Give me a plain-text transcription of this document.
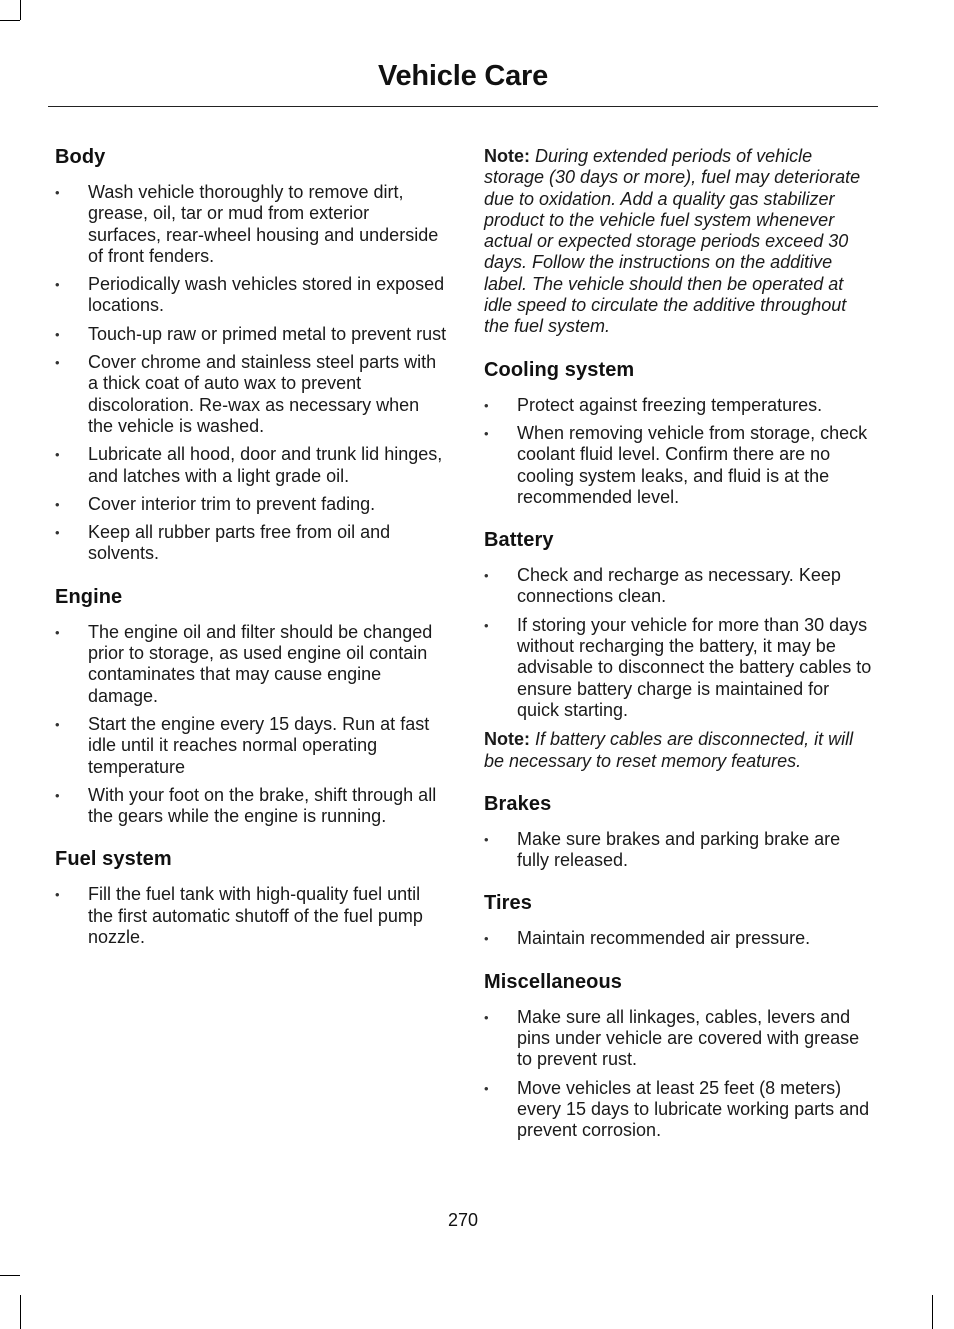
Vehicle Care
Body
• Wash vehicle thoroughly to remove dirt, grease, oil, tar or mud from exterior surfaces, rear-wheel housing and underside of front fenders.
• Periodically wash vehicles stored in exposed locations.
• Touch-up raw or primed metal to prevent rust
• Cover chrome and stainless steel parts with a thick coat of auto wax to prevent discoloration. Re-wax as necessary when the vehicle is washed.
• Lubricate all hood, door and trunk lid hinges, and latches with a light grade oil.
• Cover interior trim to prevent fading.
• Keep all rubber parts free from oil and solvents.
Engine
• The engine oil and filter should be changed prior to storage, as used engine oil contain contaminates that may cause engine damage.
• Start the engine every 15 days. Run at fast idle until it reaches normal operating temperature
• With your foot on the brake, shift through all the gears while the engine is running.
Fuel system
• Fill the fuel tank with high-quality fuel until the first automatic shutoff of the fuel pump nozzle.

Note: During extended periods of vehicle storage (30 days or more), fuel may deteriorate due to oxidation. Add a quality gas stabilizer product to the vehicle fuel system whenever actual or expected storage periods exceed 30 days. Follow the instructions on the additive label. The vehicle should then be operated at idle speed to circulate the additive throughout the fuel system.

Cooling system
• Protect against freezing temperatures.
• When removing vehicle from storage, check coolant fluid level. Confirm there are no cooling system leaks, and fluid is at the recommended level.
Battery
• Check and recharge as necessary. Keep connections clean.
• If storing your vehicle for more than 30 days without recharging the battery, it may be advisable to disconnect the battery cables to ensure battery charge is maintained for quick starting.

Note: If battery cables are disconnected, it will be necessary to reset memory features.

Brakes
• Make sure brakes and parking brake are fully released.
Tires
• Maintain recommended air pressure.
Miscellaneous
• Make sure all linkages, cables, levers and pins under vehicle are covered with grease to prevent rust.
• Move vehicles at least 25 feet (8 meters) every 15 days to lubricate working parts and prevent corrosion.
270
